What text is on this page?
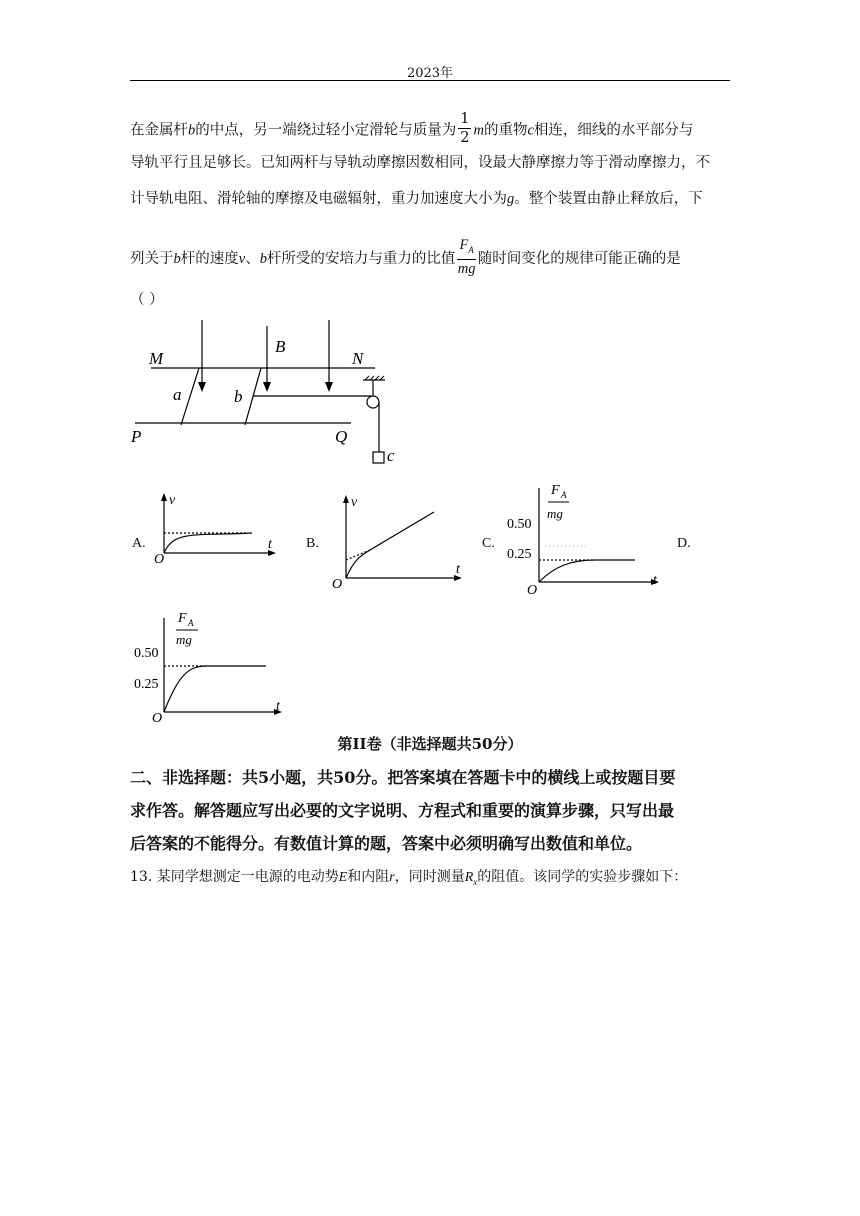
2023年
在金属杆b的中点，另一端绕过轻小定滑轮与质量为 $\frac{1}{2}$ m的重物c相连，细线的水平部分与
导轨平行且足够长。已知两杆与导轨动摩擦因数相同，设最大静摩擦力等于滑动摩擦力，不
计导轨电阻、滑轮轴的摩擦及电磁辐射，重力加速度大小为g。整个装置由静止释放后，下
列关于b杆的速度v、b杆所受的安培力与重力的比值 $\frac{F_A}{mg}$ 随时间变化的规律可能正确的是
（ ）
M
B
N
a	b
P	Q
c
A.	B.	C.	D.
v
t
O
v
t
O
F A
mg
t
O
0.50
0.25
F A
mg
t
O
0.50
0.25
第II卷（非选择题共50分）
二、非选择题：共5小题，共50分。把答案填在答题卡中的横线上或按题目要
求作答。解答题应写出必要的文字说明、方程式和重要的演算步骤，只写出最
后答案的不能得分。有数值计算的题，答案中必须明确写出数值和单位。
13. 某同学想测定一电源的电动势E和内阻r，同时测量$R_x$的阻值。该同学的实验步骤如下：
